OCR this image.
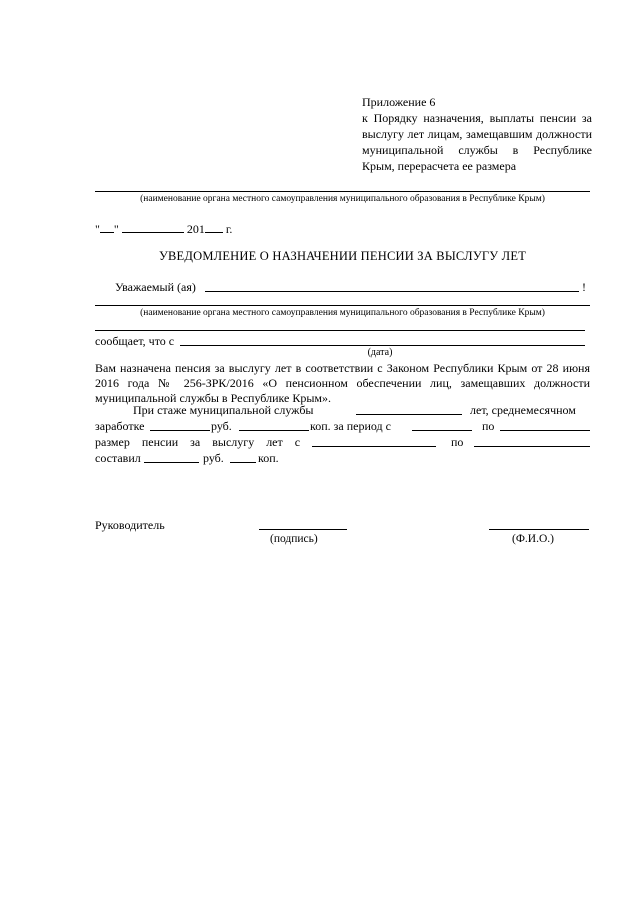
Приложение 6
к Порядку назначения, выплаты пенсии за выслугу лет лицам, замещавшим должности муниципальной службы в Республике Крым, перерасчета ее размера
(наименование органа местного самоуправления муниципального образования в Республике Крым)
" "	201 г.
УВЕДОМЛЕНИЕ О НАЗНАЧЕНИИ ПЕНСИИ ЗА ВЫСЛУГУ ЛЕТ
Уважаемый (ая)	!
(наименование органа местного самоуправления муниципального образования в Республике Крым)
сообщает, что с
(дата)
Вам назначена пенсия за выслугу лет в соответствии с Законом Республики Крым от 28 июня 2016 года № 256-ЗРК/2016 «О пенсионном обеспечении лиц, замещавших должности муниципальной службы в Республике Крым».
При стаже муниципальной службы	лет, среднемесячном
заработке	руб.	коп. за период с	по
размер пенсии за выслугу лет с	по
составил	руб.	коп.
Руководитель
(подпись)	(Ф.И.О.)
